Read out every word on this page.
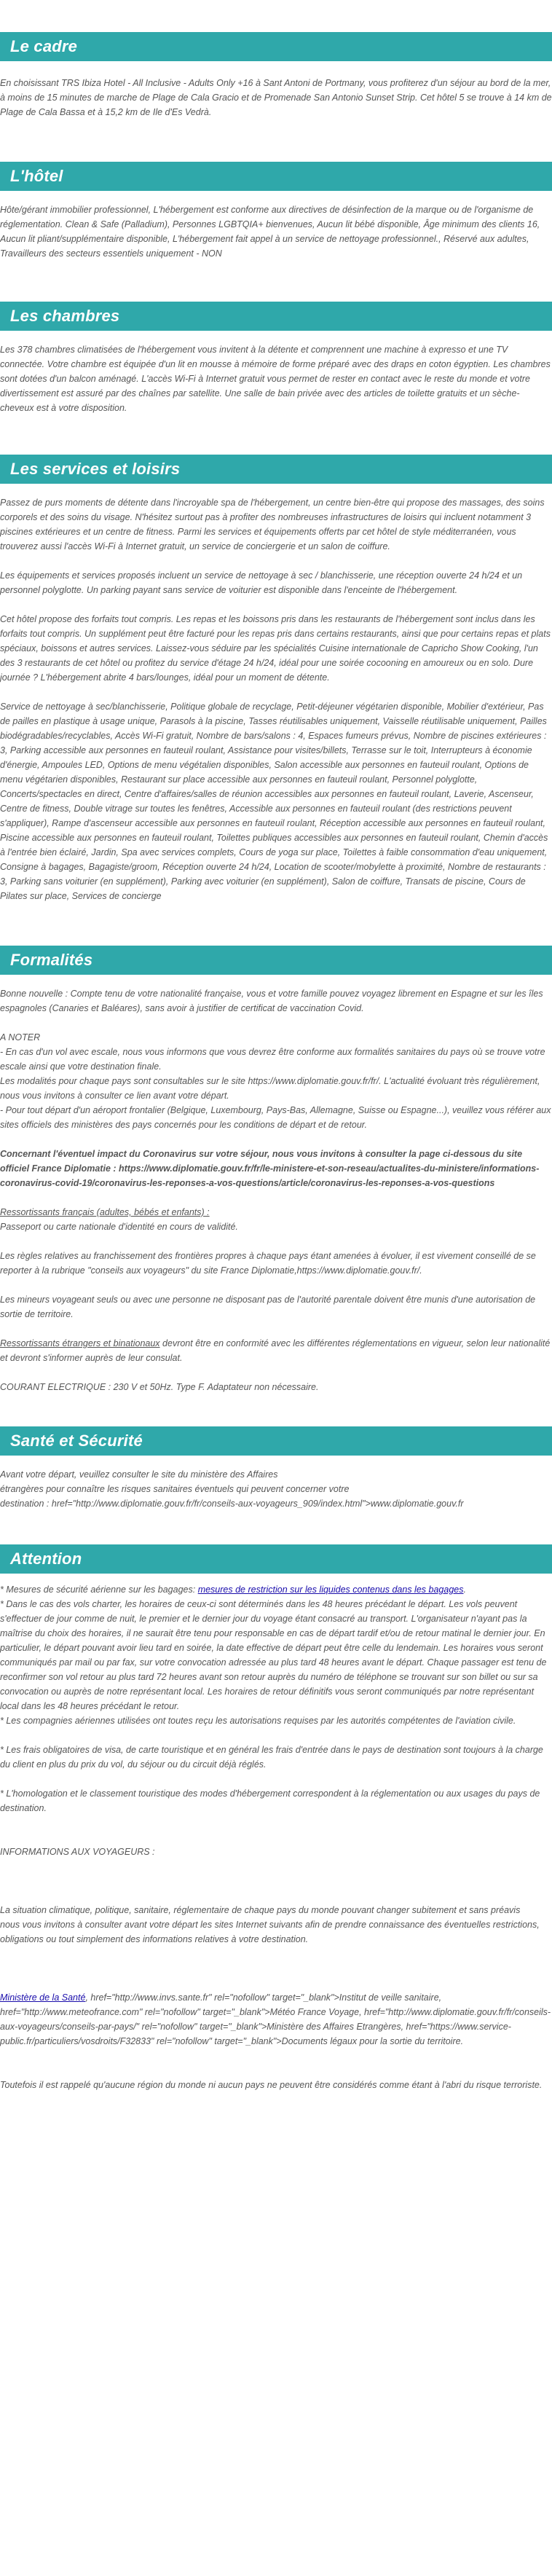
Le cadre

En choisissant TRS Ibiza Hotel - All Inclusive - Adults Only +16 à Sant Antoni de Portmany, vous profiterez d'un séjour au bord de la mer, à moins de 15 minutes de marche de Plage de Cala Gracio et de Promenade San Antonio Sunset Strip. Cet hôtel 5 se trouve à 14 km de Plage de Cala Bassa et à 15,2 km de Ile d'Es Vedrà.

L'hôtel

Hôte/gérant immobilier professionnel, L'hébergement est conforme aux directives de désinfection de la marque ou de l'organisme de réglementation. Clean & Safe (Palladium), Personnes LGBTQIA+ bienvenues, Aucun lit bébé disponible, Âge minimum des clients 16, Aucun lit pliant/supplémentaire disponible, L'hébergement fait appel à un service de nettoyage professionnel., Réservé aux adultes, Travailleurs des secteurs essentiels uniquement - NON

Les chambres

Les 378 chambres climatisées de l'hébergement vous invitent à la détente et comprennent une machine à expresso et une TV connectée. Votre chambre est équipée d'un lit en mousse à mémoire de forme préparé avec des draps en coton égyptien. Les chambres sont dotées d'un balcon aménagé. L'accès Wi-Fi à Internet gratuit vous permet de rester en contact avec le reste du monde et votre divertissement est assuré par des chaînes par satellite. Une salle de bain privée avec des articles de toilette gratuits et un sèche-cheveux est à votre disposition.

Les services et loisirs

Passez de purs moments de détente dans l'incroyable spa de l'hébergement, un centre bien-être qui propose des massages, des soins corporels et des soins du visage. N'hésitez surtout pas à profiter des nombreuses infrastructures de loisirs qui incluent notamment 3 piscines extérieures et un centre de fitness. Parmi les services et équipements offerts par cet hôtel de style méditerranéen, vous trouverez aussi l'accès Wi-Fi à Internet gratuit, un service de conciergerie et un salon de coiffure.

Les équipements et services proposés incluent un service de nettoyage à sec / blanchisserie, une réception ouverte 24 h/24 et un personnel polyglotte. Un parking payant sans service de voiturier est disponible dans l'enceinte de l'hébergement.

Cet hôtel propose des forfaits tout compris. Les repas et les boissons pris dans les restaurants de l'hébergement sont inclus dans les forfaits tout compris. Un supplément peut être facturé pour les repas pris dans certains restaurants, ainsi que pour certains repas et plats spéciaux, boissons et autres services. Laissez-vous séduire par les spécialités Cuisine internationale de Capricho Show Cooking, l'un des 3 restaurants de cet hôtel ou profitez du service d'étage 24 h/24, idéal pour une soirée cocooning en amoureux ou en solo. Dure journée ? L'hébergement abrite 4 bars/lounges, idéal pour un moment de détente.

Service de nettoyage à sec/blanchisserie, Politique globale de recyclage, Petit-déjeuner végétarien disponible, Mobilier d'extérieur, Pas de pailles en plastique à usage unique, Parasols à la piscine, Tasses réutilisables uniquement, Vaisselle réutilisable uniquement, Pailles biodégradables/recyclables, Accès Wi-Fi gratuit, Nombre de bars/salons : 4, Espaces fumeurs prévus, Nombre de piscines extérieures : 3, Parking accessible aux personnes en fauteuil roulant, Assistance pour visites/billets, Terrasse sur le toit, Interrupteurs à économie d'énergie, Ampoules LED, Options de menu végétalien disponibles, Salon accessible aux personnes en fauteuil roulant, Options de menu végétarien disponibles, Restaurant sur place accessible aux personnes en fauteuil roulant, Personnel polyglotte, Concerts/spectacles en direct, Centre d'affaires/salles de réunion accessibles aux personnes en fauteuil roulant, Laverie, Ascenseur, Centre de fitness, Double vitrage sur toutes les fenêtres, Accessible aux personnes en fauteuil roulant (des restrictions peuvent s'appliquer), Rampe d'ascenseur accessible aux personnes en fauteuil roulant, Réception accessible aux personnes en fauteuil roulant, Piscine accessible aux personnes en fauteuil roulant, Toilettes publiques accessibles aux personnes en fauteuil roulant, Chemin d'accès à l'entrée bien éclairé, Jardin, Spa avec services complets, Cours de yoga sur place, Toilettes à faible consommation d'eau uniquement, Consigne à bagages, Bagagiste/groom, Réception ouverte 24 h/24, Location de scooter/mobylette à proximité, Nombre de restaurants : 3, Parking sans voiturier (en supplément), Parking avec voiturier (en supplément), Salon de coiffure, Transats de piscine, Cours de Pilates sur place, Services de concierge

Formalités

Bonne nouvelle : Compte tenu de votre nationalité française, vous et votre famille pouvez voyagez librement en Espagne et sur les îles espagnoles (Canaries et Baléares), sans avoir à justifier de certificat de vaccination Covid.

A NOTER

- En cas d'un vol avec escale, nous vous informons que vous devrez être conforme aux formalités sanitaires du pays où se trouve votre escale ainsi que votre destination finale.

Les modalités pour chaque pays sont consultables sur le site https://www.diplomatie.gouv.fr/fr/. L'actualité évoluant très régulièrement, nous vous invitons à consulter ce lien avant votre départ.

- Pour tout départ d'un aéroport frontalier (Belgique, Luxembourg, Pays-Bas, Allemagne, Suisse ou Espagne...), veuillez vous référer aux sites officiels des ministères des pays concernés pour les conditions de départ et de retour.

Concernant l'éventuel impact du Coronavirus sur votre séjour, nous vous invitons à consulter la page ci-dessous du site officiel France Diplomatie : https://www.diplomatie.gouv.fr/fr/le-ministere-et-son-reseau/actualites-du-ministere/informations-coronavirus-covid-19/coronavirus-les-reponses-a-vos-questions/article/coronavirus-les-reponses-a-vos-questions

Ressortissants français (adultes, bébés et enfants) :

Passeport ou carte nationale d'identité en cours de validité.

Les règles relatives au franchissement des frontières propres à chaque pays étant amenées à évoluer, il est vivement conseillé de se reporter à la rubrique "conseils aux voyageurs" du site France Diplomatie,https://www.diplomatie.gouv.fr/.

Les mineurs voyageant seuls ou avec une personne ne disposant pas de l'autorité parentale doivent être munis d'une autorisation de sortie de territoire.

Ressortissants étrangers et binationaux devront être en conformité avec les différentes réglementations en vigueur, selon leur nationalité et devront s'informer auprès de leur consulat.

COURANT ELECTRIQUE : 230 V et 50Hz. Type F. Adaptateur non nécessaire.

Santé et Sécurité

Avant votre départ, veuillez consulter le site du ministère des Affaires

étrangères pour connaître les risques sanitaires éventuels qui peuvent concerner votre

destination : href="http://www.diplomatie.gouv.fr/fr/conseils-aux-voyageurs_909/index.html">www.diplomatie.gouv.fr

Attention

* Mesures de sécurité aérienne sur les bagages: mesures de restriction sur les liquides contenus dans les bagages.

* Dans le cas des vols charter, les horaires de ceux-ci sont déterminés dans les 48 heures précédant le départ. Les vols peuvent s'effectuer de jour comme de nuit, le premier et le dernier jour du voyage étant consacré au transport. L'organisateur n'ayant pas la maîtrise du choix des horaires, il ne saurait être tenu pour responsable en cas de départ tardif et/ou de retour matinal le dernier jour. En particulier, le départ pouvant avoir lieu tard en soirée, la date effective de départ peut être celle du lendemain. Les horaires vous seront communiqués par mail ou par fax, sur votre convocation adressée au plus tard 48 heures avant le départ. Chaque passager est tenu de reconfirmer son vol retour au plus tard 72 heures avant son retour auprès du numéro de téléphone se trouvant sur son billet ou sur sa convocation ou auprès de notre représentant local. Les horaires de retour définitifs vous seront communiqués par notre représentant local dans les 48 heures précédant le retour.

* Les compagnies aériennes utilisées ont toutes reçu les autorisations requises par les autorités compétentes de l'aviation civile.

* Les frais obligatoires de visa, de carte touristique et en général les frais d'entrée dans le pays de destination sont toujours à la charge du client en plus du prix du vol, du séjour ou du circuit déjà réglés.

* L'homologation et le classement touristique des modes d'hébergement correspondent à la réglementation ou aux usages du pays de destination.

INFORMATIONS AUX VOYAGEURS :

La situation climatique, politique, sanitaire, réglementaire de chaque pays du monde pouvant changer subitement et sans préavis

nous vous invitons à consulter avant votre départ les sites Internet suivants afin de prendre connaissance des éventuelles restrictions, obligations ou tout simplement des informations relatives à votre destination.

Ministère de la Santé, href="http://www.invs.sante.fr" rel="nofollow" target="_blank">Institut de veille sanitaire, href="http://www.meteofrance.com" rel="nofollow" target="_blank">Météo France Voyage, href="http://www.diplomatie.gouv.fr/fr/conseils-aux-voyageurs/conseils-par-pays/" rel="nofollow" target="_blank">Ministère des Affaires Etrangères, href="https://www.service-public.fr/particuliers/vosdroits/F32833" rel="nofollow" target="_blank">Documents légaux pour la sortie du territoire.

Toutefois il est rappelé qu'aucune région du monde ni aucun pays ne peuvent être considérés comme étant à l'abri du risque terroriste.
